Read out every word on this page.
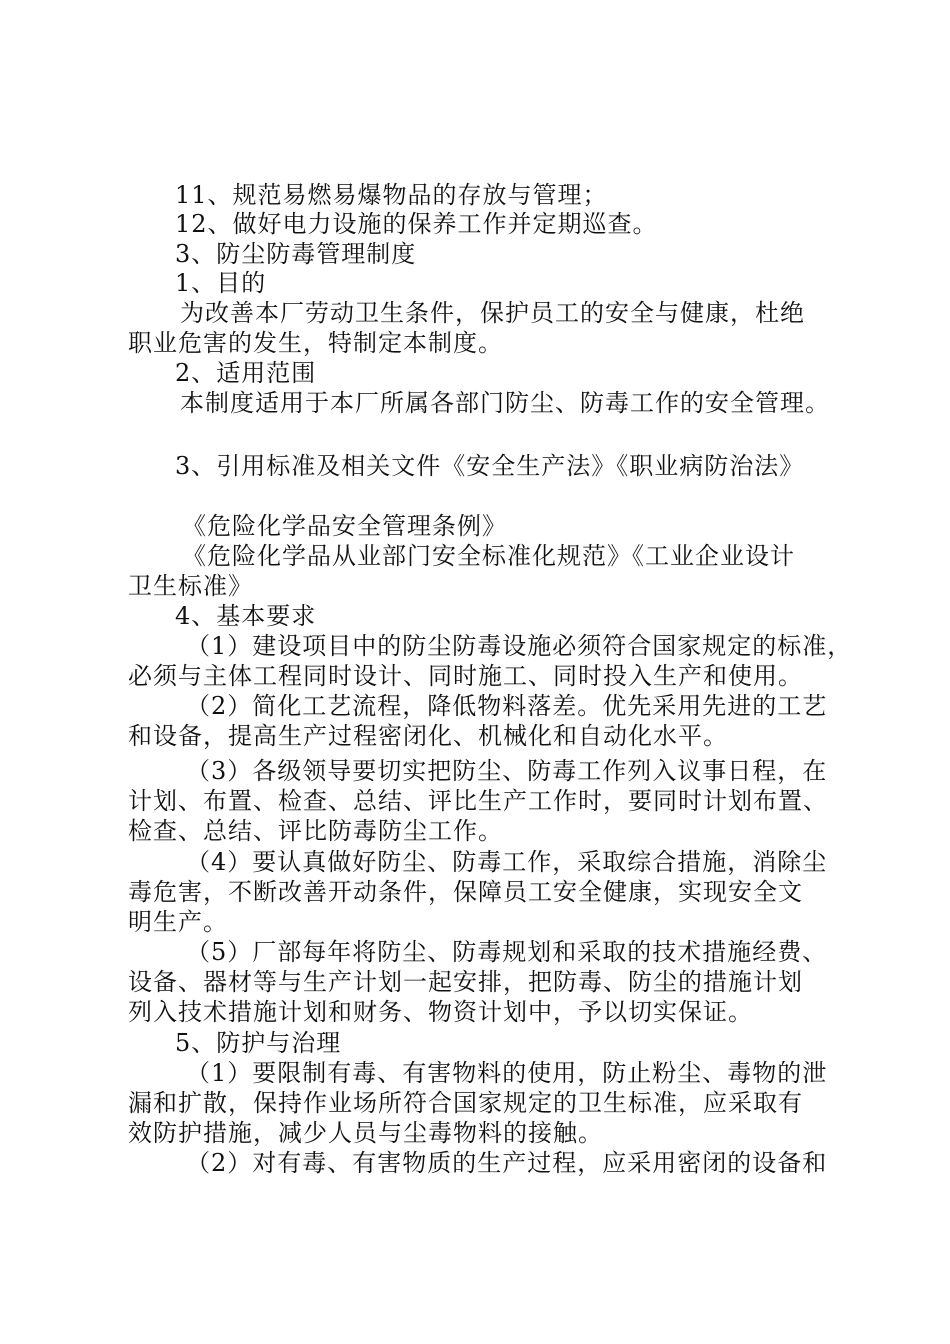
11、规范易燃易爆物品的存放与管理；
12、做好电力设施的保养工作并定期巡查。
3、防尘防毒管理制度
1、目的
为改善本厂劳动卫生条件，保护员工的安全与健康，杜绝
职业危害的发生，特制定本制度。
2、适用范围
本制度适用于本厂所属各部门防尘、防毒工作的安全管理。
3、引用标准及相关文件《安全生产法》《职业病防治法》
《危险化学品安全管理条例》
《危险化学品从业部门安全标准化规范》《工业企业设计
卫生标准》
4、基本要求
（1）建设项目中的防尘防毒设施必须符合国家规定的标准，
必须与主体工程同时设计、同时施工、同时投入生产和使用。
（2）简化工艺流程，降低物料落差。优先采用先进的工艺
和设备，提高生产过程密闭化、机械化和自动化水平。
（3）各级领导要切实把防尘、防毒工作列入议事日程，在
计划、布置、检查、总结、评比生产工作时，要同时计划布置、
检查、总结、评比防毒防尘工作。
（4）要认真做好防尘、防毒工作，采取综合措施，消除尘
毒危害，不断改善开动条件，保障员工安全健康，实现安全文
明生产。
（5）厂部每年将防尘、防毒规划和采取的技术措施经费、
设备、器材等与生产计划一起安排，把防毒、防尘的措施计划
列入技术措施计划和财务、物资计划中，予以切实保证。
5、防护与治理
（1）要限制有毒、有害物料的使用，防止粉尘、毒物的泄
漏和扩散，保持作业场所符合国家规定的卫生标准，应采取有
效防护措施，减少人员与尘毒物料的接触。
（2）对有毒、有害物质的生产过程，应采用密闭的设备和
